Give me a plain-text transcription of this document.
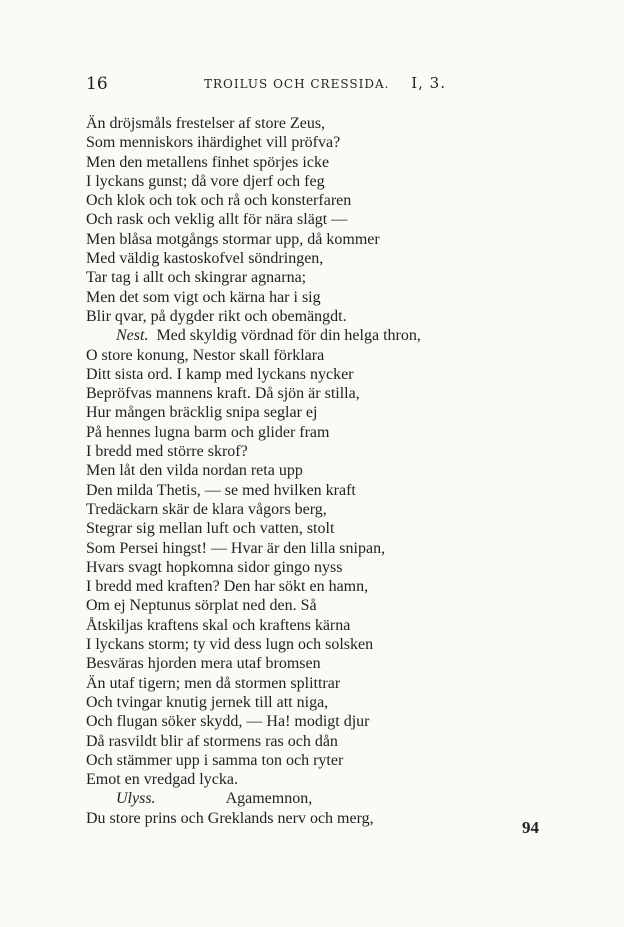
16	TROILUS OCH CRESSIDA. I, 3.
Än dröjsmåls frestelser af store Zeus,
Som menniskors ihärdighet vill pröfva?
Men den metallens finhet spörjes icke
I lyckans gunst; då vore djerf och feg
Och klok och tok och rå och konsterfaren
Och rask och veklig allt för nära slägt —
Men blåsa motgångs stormar upp, då kommer
Med väldig kastoskofvel söndringen,
Tar tag i allt och skingrar agnarna;
Men det som vigt och kärna har i sig
Blir qvar, på dygder rikt och obemängdt.
Nest.  Med skyldig vördnad för din helga thron,
O store konung, Nestor skall förklara
Ditt sista ord. I kamp med lyckans nycker
Bepröfvas mannens kraft. Då sjön är stilla,
Hur mången bräcklig snipa seglar ej
På hennes lugna barm och glider fram
I bredd med större skrof?
Men låt den vilda nordan reta upp
Den milda Thetis, — se med hvilken kraft
Tredäckarn skär de klara vågors berg,
Stegrar sig mellan luft och vatten, stolt
Som Persei hingst! — Hvar är den lilla snipan,
Hvars svagt hopkomna sidor gingo nyss
I bredd med kraften? Den har sökt en hamn,
Om ej Neptunus sörplat ned den. Så
Åtskiljas kraftens skal och kraftens kärna
I lyckans storm; ty vid dess lugn och solsken
Besväras hjorden mera utaf bromsen
Än utaf tigern; men då stormen splittrar
Och tvingar knutig jernek till att niga,
Och flugan söker skydd, — Ha! modigt djur
Då rasvildt blir af stormens ras och dån
Och stämmer upp i samma ton och ryter
Emot en vredgad lycka.
Ulyss.	Agamemnon,
Du store prins och Greklands nerv och merg,	94
